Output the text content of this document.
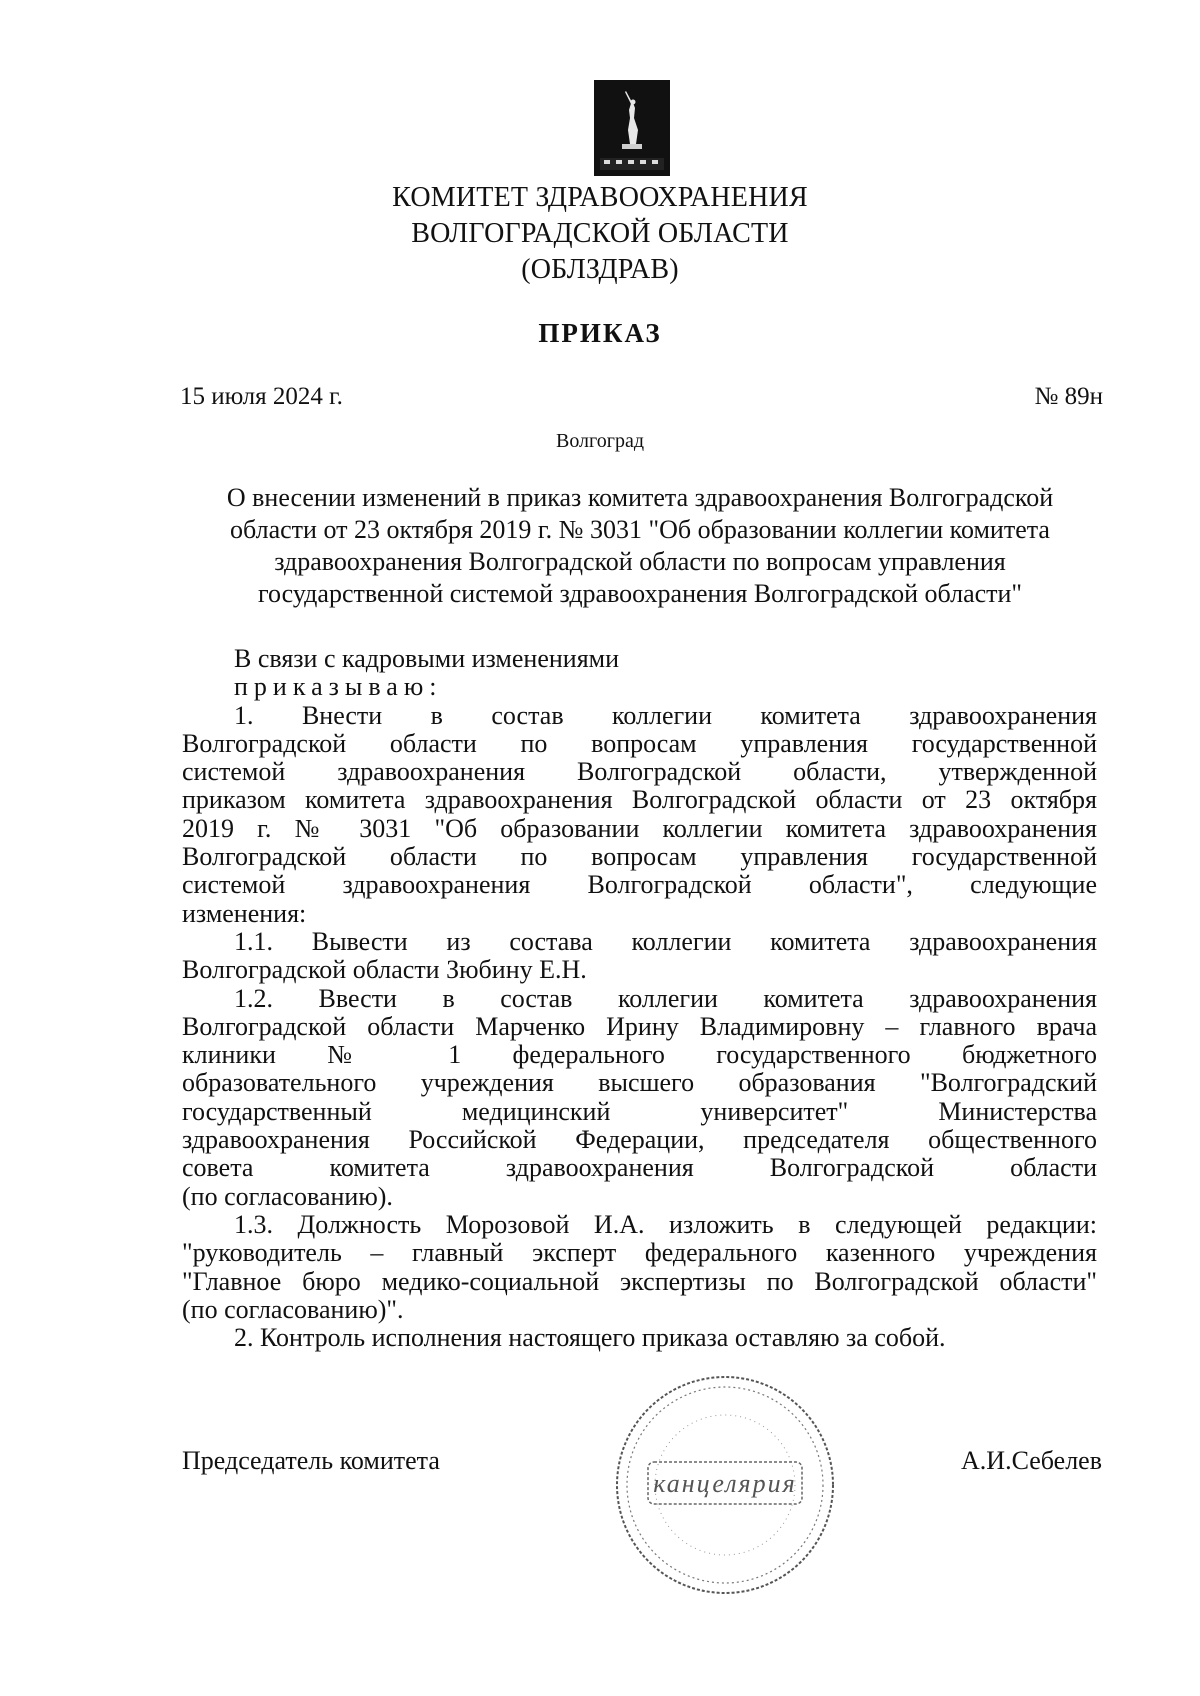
КОМИТЕТ ЗДРАВООХРАНЕНИЯ
ВОЛГОГРАДСКОЙ ОБЛАСТИ
(ОБЛЗДРАВ)
ПРИКАЗ
15 июля 2024 г.	№ 89н
Волгоград
О внесении изменений в приказ комитета здравоохранения Волгоградской
области от 23 октября 2019 г. № 3031 "Об образовании коллегии комитета
здравоохранения Волгоградской области по вопросам управления
государственной системой здравоохранения Волгоградской области"
В связи с кадровыми изменениями
приказываю:
1. Внести в состав коллегии комитета здравоохранения
Волгоградской области по вопросам управления государственной
системой здравоохранения Волгоградской области, утвержденной
приказом комитета здравоохранения Волгоградской области от 23 октября
2019 г. № 3031 "Об образовании коллегии комитета здравоохранения
Волгоградской области по вопросам управления государственной
системой здравоохранения Волгоградской области", следующие
изменения:
1.1. Вывести из состава коллегии комитета здравоохранения
Волгоградской области Зюбину Е.Н.
1.2. Ввести в состав коллегии комитета здравоохранения
Волгоградской области Марченко Ирину Владимировну – главного врача
клиники № 1 федерального государственного бюджетного
образовательного учреждения высшего образования "Волгоградский
государственный медицинский университет" Министерства
здравоохранения Российской Федерации, председателя общественного
совета комитета здравоохранения Волгоградской области
(по согласованию).
1.3. Должность Морозовой И.А. изложить в следующей редакции:
"руководитель – главный эксперт федерального казенного учреждения
"Главное бюро медико-социальной экспертизы по Волгоградской области"
(по согласованию)".
2. Контроль исполнения настоящего приказа оставляю за собой.
канцелярия
Председатель комитета	А.И.Себелев
